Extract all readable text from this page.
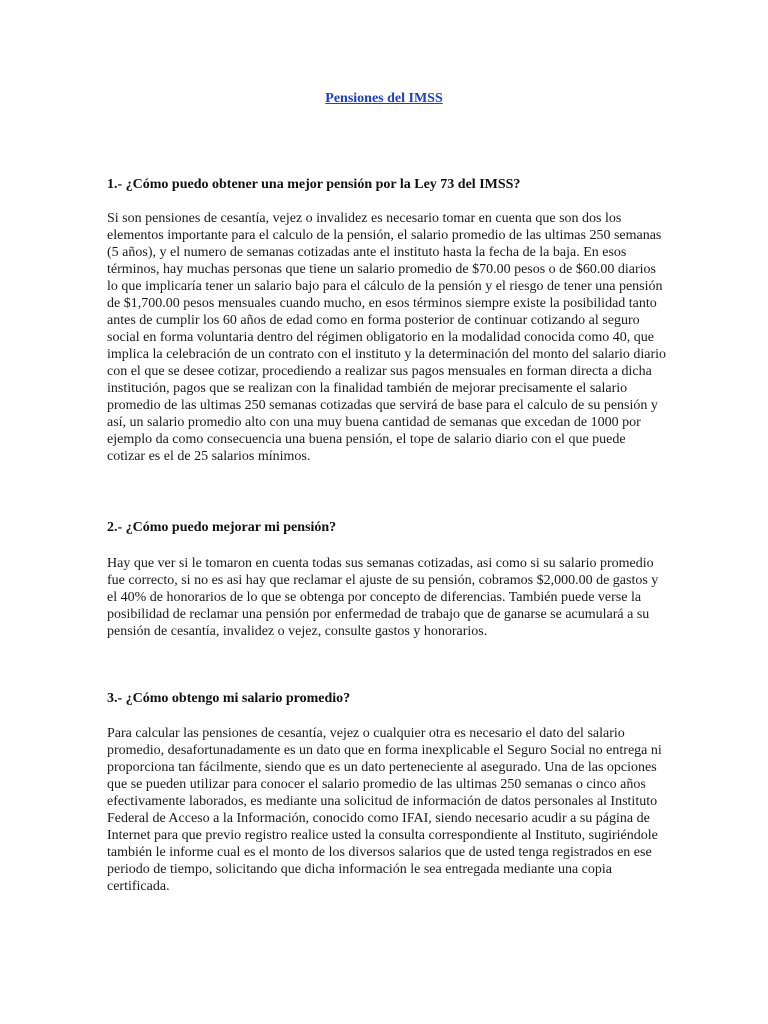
Pensiones del IMSS
1.- ¿Cómo puedo obtener una mejor pensión por la Ley 73 del IMSS?

Si son pensiones de cesantía, vejez o invalidez es necesario tomar en cuenta que son dos los elementos importante para el calculo de la pensión, el salario promedio de las ultimas 250 semanas (5 años), y el numero de semanas cotizadas ante el instituto hasta la fecha de la baja. En esos términos, hay muchas personas que tiene un salario promedio de $70.00 pesos o de $60.00 diarios lo que implicaría tener un salario bajo para el cálculo de la pensión y el riesgo de tener una pensión de $1,700.00 pesos mensuales cuando mucho, en esos términos siempre existe la posibilidad tanto antes de cumplir los 60 años de edad como en forma posterior de continuar cotizando al seguro social en forma voluntaria dentro del régimen obligatorio en la modalidad conocida como 40, que implica la celebración de un contrato con el instituto y la determinación del monto del salario diario con el que se desee cotizar, procediendo a realizar sus pagos mensuales en forman directa a dicha institución, pagos que se realizan con la finalidad también de mejorar precisamente el salario promedio de las ultimas 250 semanas cotizadas que servirá de base para el calculo de su pensión y así, un salario promedio alto con una muy buena cantidad de semanas que excedan de 1000 por ejemplo da como consecuencia una buena pensión, el tope de salario diario con el que puede cotizar es el de 25 salarios mínimos.

2.- ¿Cómo puedo mejorar mi pensión?

Hay que ver si le tomaron en cuenta todas sus semanas cotizadas, asi como si su salario promedio fue correcto, si no es asi hay que reclamar el ajuste de su pensión, cobramos $2,000.00 de gastos y el 40% de honorarios de lo que se obtenga por concepto de diferencias. También puede verse la posibilidad de reclamar una pensión por enfermedad de trabajo que de ganarse se acumulará a su pensión de cesantía, invalidez o vejez, consulte gastos y honorarios.

3.- ¿Cómo obtengo mi salario promedio?

Para calcular las pensiones de cesantía, vejez o cualquier otra es necesario el dato del salario promedio, desafortunadamente es un dato que en forma inexplicable el Seguro Social no entrega ni proporciona tan fácilmente, siendo que es un dato perteneciente al asegurado. Una de las opciones que se pueden utilizar para conocer el salario promedio de las ultimas 250 semanas o cinco años efectivamente laborados, es mediante una solicitud de información de datos personales al Instituto Federal de Acceso a la Información, conocido como IFAI, siendo necesario acudir a su página de Internet para que previo registro realice usted la consulta correspondiente al Instituto, sugiriéndole también le informe cual es el monto de los diversos salarios que de usted tenga registrados en ese periodo de tiempo, solicitando que dicha información le sea entregada mediante una copia certificada.
